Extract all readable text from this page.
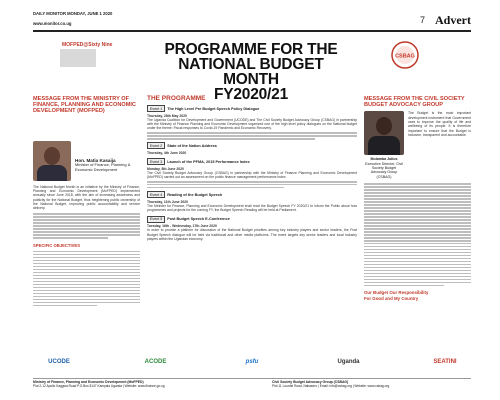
DAILY MONITOR MONDAY, JUNE 1 2020
www.monitor.co.ug	7 Advert
MOFPED@Sixty Nine	PROGRAMME FOR THE
NATIONAL BUDGET MONTH
FY2020/21
CSBAG
MESSAGE FROM THE MINISTRY OF FINANCE, PLANNING AND ECONOMIC DEVELOPMENT (MOFPED)
Hon. Matia Kasaija
Minister of Finance, Planning & Economic Development
The National Budget Month is an initiative by the Ministry of Finance, Planning and Economic Development (MoFPED) implemented annually since June 2018, with the aim of increasing awareness and publicity for the National Budget, thus heightening public ownership of the National Budget, improving public accountability and service delivery.
SPECIFIC OBJECTIVES
THE PROGRAMME
Event 1	The High Level Pre Budget Speech Policy Dialogue
Thursday, 28th May 2020
The Uganda Coalition for Development and Government (UCODE) and The Civil Society Budget Advocacy Group (CSBAG) in partnership with the Ministry of Finance Planning and Economic Development organized one of the high level policy dialogues on the National budget under the theme: Fiscal responses to Covid-19 Pandemic and Economic Recovery.
Event 2	State of the Nation Address
Thursday, 4th June 2020
Event 3	Launch of the PFMA, 2015 Performance Index
Monday, 8th June 2020
The Civil Society Budget Advocacy Group (CSBAG) in partnership with the Ministry of Finance Planning and Economic Development (MoFPED) carried out an assessment on the public finance management performance index.
Event 4	Reading of the Budget Speech
Thursday, 11th June 2020
The Minister for Finance, Planning and Economic Development shall read the Budget Speech FY 2020/21 to inform the Public about how programmes and projects for the coming FY, the Budget Speech Reading will be held at Parliament.
Event 5	Post Budget Speech E-Conference
Tuesday, 16th - Wednesday, 17th June 2020
In order to provide a platform for discussion of the National Budget priorities among key industry players and sector leaders, the Post Budget Speech dialogue will be held via traditional and other media platforms. The event targets key sector leaders and local industry players within the Ugandan economy.
MESSAGE FROM THE CIVIL SOCIETY BUDGET ADVOCACY GROUP
Mulamba Julius
Executive Director, Civil Society Budget Advocacy Group (CSBAG)
The Budget is the most important development instrument that Government uses to improve the quality of life and wellbeing of its people. It is therefore important to ensure that the Budget is inclusive, transparent and accountable.
Our Budget Our Responsibility
For Good and My Country
UCODE	ACODE	psfu	Uganda	SEATINI
Ministry of Finance, Planning and Economic Development (MoFPED)
Plot 2-12 Apollo Kaggwa Road P.O.Box 8147 Kampala Uganda | Website: www.finance.go.ug
Civil Society Budget Advocacy Group (CSBAG)
Plot 11 Lourdel Road, Nakasero | Email: info@csbag.org | Website: www.csbag.org
